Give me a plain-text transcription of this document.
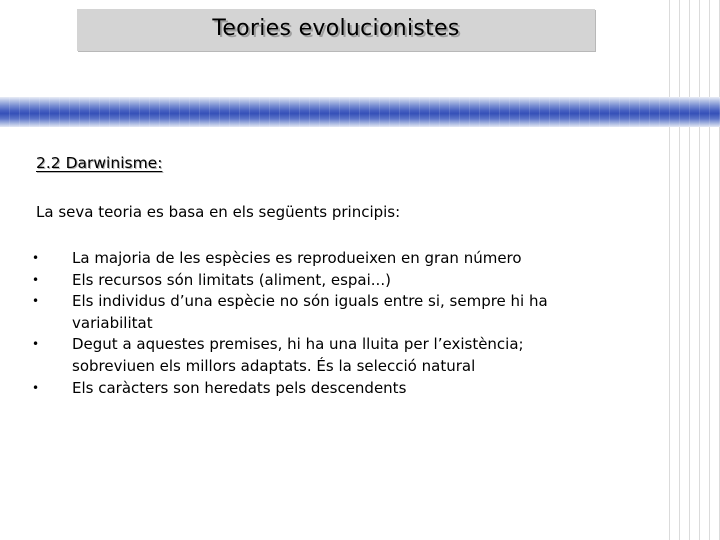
Teories evolucionistes
2.2 Darwinisme:
La seva teoria es basa en els següents principis:
•	La majoria de les espècies es reprodueixen en gran número
•	Els recursos són limitats (aliment, espai...)
•	Els individus d’una espècie no són iguals entre si, sempre hi ha variabilitat
•	Degut a aquestes premises, hi ha una lluita per l’existència; sobreviuen els millors adaptats. És la selecció natural
•	Els caràcters son heredats pels descendents
